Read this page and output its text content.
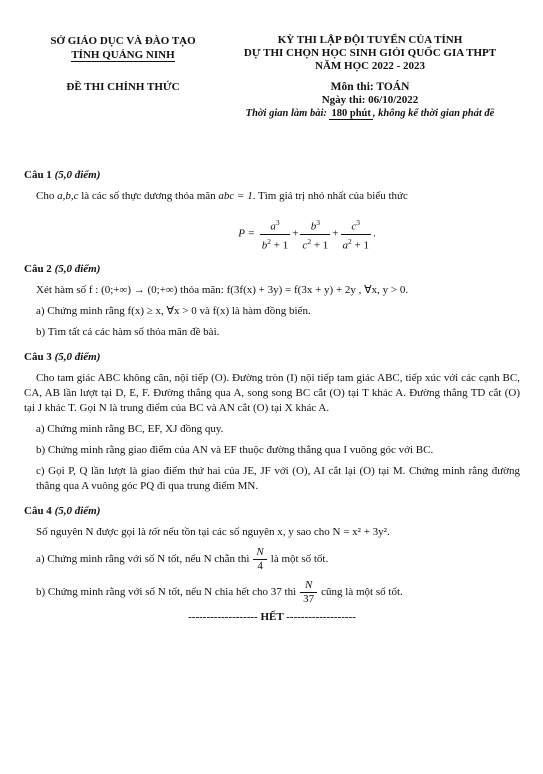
SỞ GIÁO DỤC VÀ ĐÀO TẠO
TỈNH QUẢNG NINH
ĐỀ THI CHÍNH THỨC
KỲ THI LẬP ĐỘI TUYỂN CỦA TỈNH
DỰ THI CHỌN HỌC SINH GIỎI QUỐC GIA THPT
NĂM HỌC 2022 - 2023
Môn thi: TOÁN
Ngày thi: 06/10/2022
Thời gian làm bài: 180 phút , không kể thời gian phát đề
Câu 1 (5,0 điểm)
Cho a,b,c là các số thực dương thỏa mãn abc = 1. Tìm giá trị nhỏ nhất của biểu thức
$P = \frac{a^3}{b^2 + 1} + \frac{b^3}{c^2 + 1} + \frac{c^3}{a^2 + 1}$ .
Câu 2 (5,0 điểm)
Xét hàm số f : (0;+∞) → (0;+∞) thỏa mãn: f(3f(x) + 3y) = f(3x + y) + 2y , ∀x, y > 0.
a) Chứng minh rằng f(x) ≥ x, ∀x > 0 và f(x) là hàm đồng biến.
b) Tìm tất cả các hàm số thỏa mãn đề bài.
Câu 3 (5,0 điểm)
Cho tam giác ABC không cân, nội tiếp (O). Đường tròn (I) nội tiếp tam giác ABC, tiếp xúc với các cạnh BC, CA, AB lần lượt tại D, E, F. Đường thẳng qua A, song song BC cắt (O) tại T khác A. Đường thẳng TD cắt (O) tại J khác T. Gọi N là trung điểm của BC và AN cắt (O) tại X khác A.
a) Chứng minh rằng BC, EF, XJ đồng quy.
b) Chứng minh rằng giao điểm của AN và EF thuộc đường thẳng qua I vuông góc với BC.
c) Gọi P, Q lần lượt là giao điểm thứ hai của JE, JF với (O), AI cắt lại (O) tại M. Chứng minh rằng đường thẳng qua A vuông góc PQ đi qua trung điểm MN.
Câu 4 (5,0 điểm)
Số nguyên N được gọi là tốt nếu tồn tại các số nguyên x, y sao cho N = x² + 3y².
a) Chứng minh rằng với số N tốt, nếu N chẵn thì $\frac{N}{4}$ là một số tốt.
b) Chứng minh rằng với số N tốt, nếu N chia hết cho 37 thì $\frac{N}{37}$ cũng là một số tốt.
------------------- HẾT -------------------
